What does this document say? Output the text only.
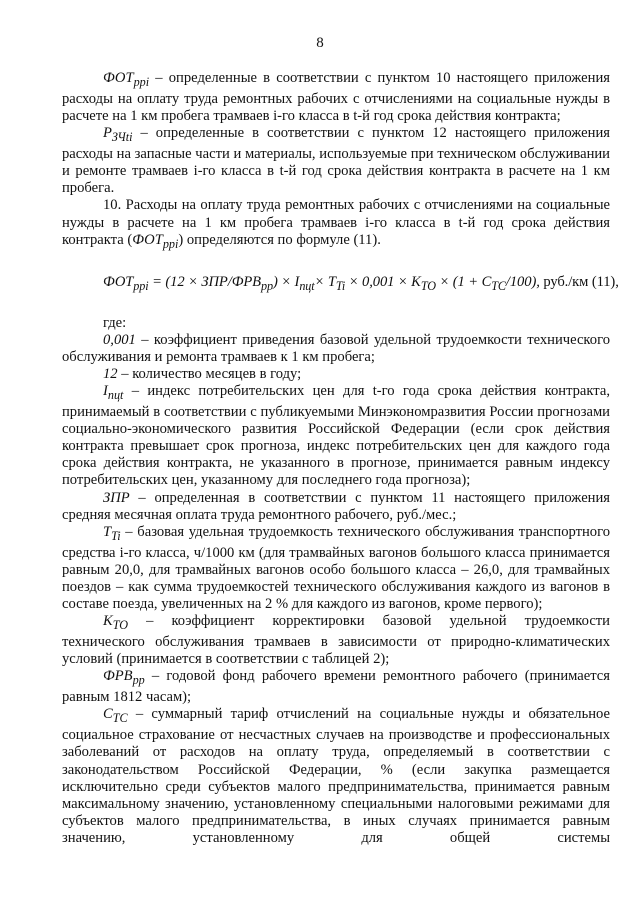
8

$ФОТ_{ppi}$ – определенные в соответствии с пунктом 10 настоящего приложения расходы на оплату труда ремонтных рабочих с отчислениями на социальные нужды в расчете на 1 км пробега трамваев i-го класса в t-й год срока действия контракта;

$Р_{ЗЧti}$ – определенные в соответствии с пунктом 12 настоящего приложения расходы на запасные части и материалы, используемые при техническом обслуживании и ремонте трамваев i-го класса в t-й год срока действия контракта в расчете на 1 км пробега.

10. Расходы на оплату труда ремонтных рабочих с отчислениями на социальные нужды в расчете на 1 км пробега трамваев i-го класса в t-й год срока действия контракта $(ФОТ_{ppi})$ определяются по формуле (11).

$ФОТ_{ppi} = (12 \times ЗПР/ФРВ_{pp}) \times I_{пцt}\times T_{Ti} \times 0,001 \times K_{TO} \times (1 + C_{TC}/100)$, руб./км (11),

где:

0,001 – коэффициент приведения базовой удельной трудоемкости технического обслуживания и ремонта трамваев к 1 км пробега;

12 – количество месяцев в году;

$I_{пцt}$ – индекс потребительских цен для t-го года срока действия контракта, принимаемый в соответствии с публикуемыми Минэкономразвития России прогнозами социально-экономического развития Российской Федерации (если срок действия контракта превышает срок прогноза, индекс потребительских цен для каждого года срока действия контракта, не указанного в прогнозе, принимается равным индексу потребительских цен, указанному для последнего года прогноза);

ЗПР – определенная в соответствии с пунктом 11 настоящего приложения средняя месячная оплата труда ремонтного рабочего, руб./мес.;

$T_{Ti}$ – базовая удельная трудоемкость технического обслуживания транспортного средства i-го класса, ч/1000 км (для трамвайных вагонов большого класса принимается равным 20,0, для трамвайных вагонов особо большого класса – 26,0, для трамвайных поездов – как сумма трудоемкостей технического обслуживания каждого из вагонов в составе поезда, увеличенных на 2 % для каждого из вагонов, кроме первого);

$K_{TO}$ – коэффициент корректировки базовой удельной трудоемкости технического обслуживания трамваев в зависимости от природно-климатических условий (принимается в соответствии с таблицей 2);

$ФРВ_{pp}$ – годовой фонд рабочего времени ремонтного рабочего (принимается равным 1812 часам);

$C_{TC}$ – суммарный тариф отчислений на социальные нужды и обязательное социальное страхование от несчастных случаев на производстве и профессиональных заболеваний от расходов на оплату труда, определяемый в соответствии с законодательством Российской Федерации, % (если закупка размещается исключительно среди субъектов малого предпринимательства, принимается равным максимальному значению, установленному специальными налоговыми режимами для субъектов малого предпринимательства, в иных случаях принимается равным значению, установленному для общей системы
